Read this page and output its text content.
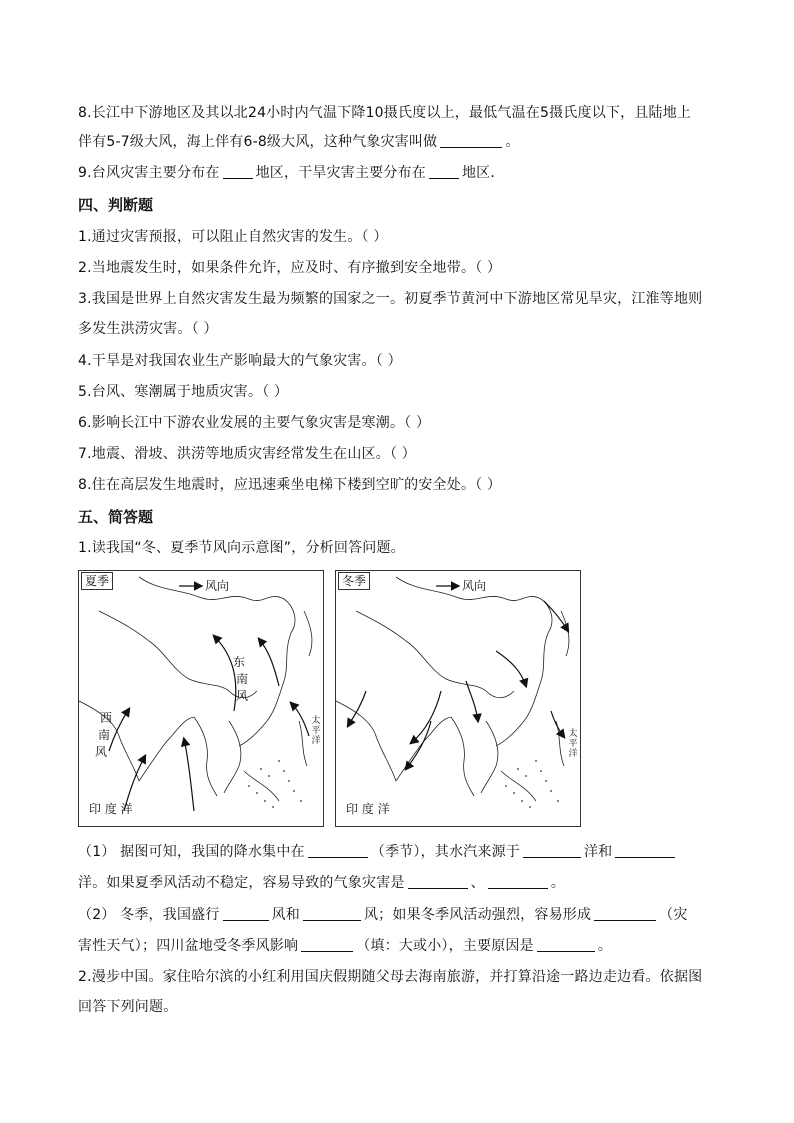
8.长江中下游地区及其以北24小时内气温下降10摄氏度以上，最低气温在5摄氏度以下，且陆地上
伴有5-7级大风，海上伴有6-8级大风，这种气象灾害叫做	。
9.台风灾害主要分布在	地区，干旱灾害主要分布在	地区．
四、判断题
1.通过灾害预报，可以阻止自然灾害的发生。（ ）
2.当地震发生时，如果条件允许，应及时、有序撤到安全地带。（ ）
3.我国是世界上自然灾害发生最为频繁的国家之一。初夏季节黄河中下游地区常见旱灾，江淮等地则
多发生洪涝灾害。（ ）
4.干旱是对我国农业生产影响最大的气象灾害。（ ）
5.台风、寒潮属于地质灾害。（ ）
6.影响长江中下游农业发展的主要气象灾害是寒潮。（ ）
7.地震、滑坡、洪涝等地质灾害经常发生在山区。（ ）
8.住在高层发生地震时，应迅速乘坐电梯下楼到空旷的安全处。（ ）
五、简答题
1.读我国“冬、夏季节风向示意图”，分析回答问题。
夏季	风向
东
南
风
西
南
风
太
平
洋
印 度 洋
冬季	风向
太
平
洋
印 度 洋
（1） 据图可知，我国的降水集中在	（季节），其水汽来源于	洋和
洋。如果夏季风活动不稳定，容易导致的气象灾害是	、	。
（2） 冬季，我国盛行	风和	风；如果冬季风活动强烈，容易形成	（灾
害性天气）；四川盆地受冬季风影响	（填：大或小），主要原因是	。
2.漫步中国。家住哈尔滨的小红利用国庆假期随父母去海南旅游，并打算沿途一路边走边看。依据图
回答下列问题。
